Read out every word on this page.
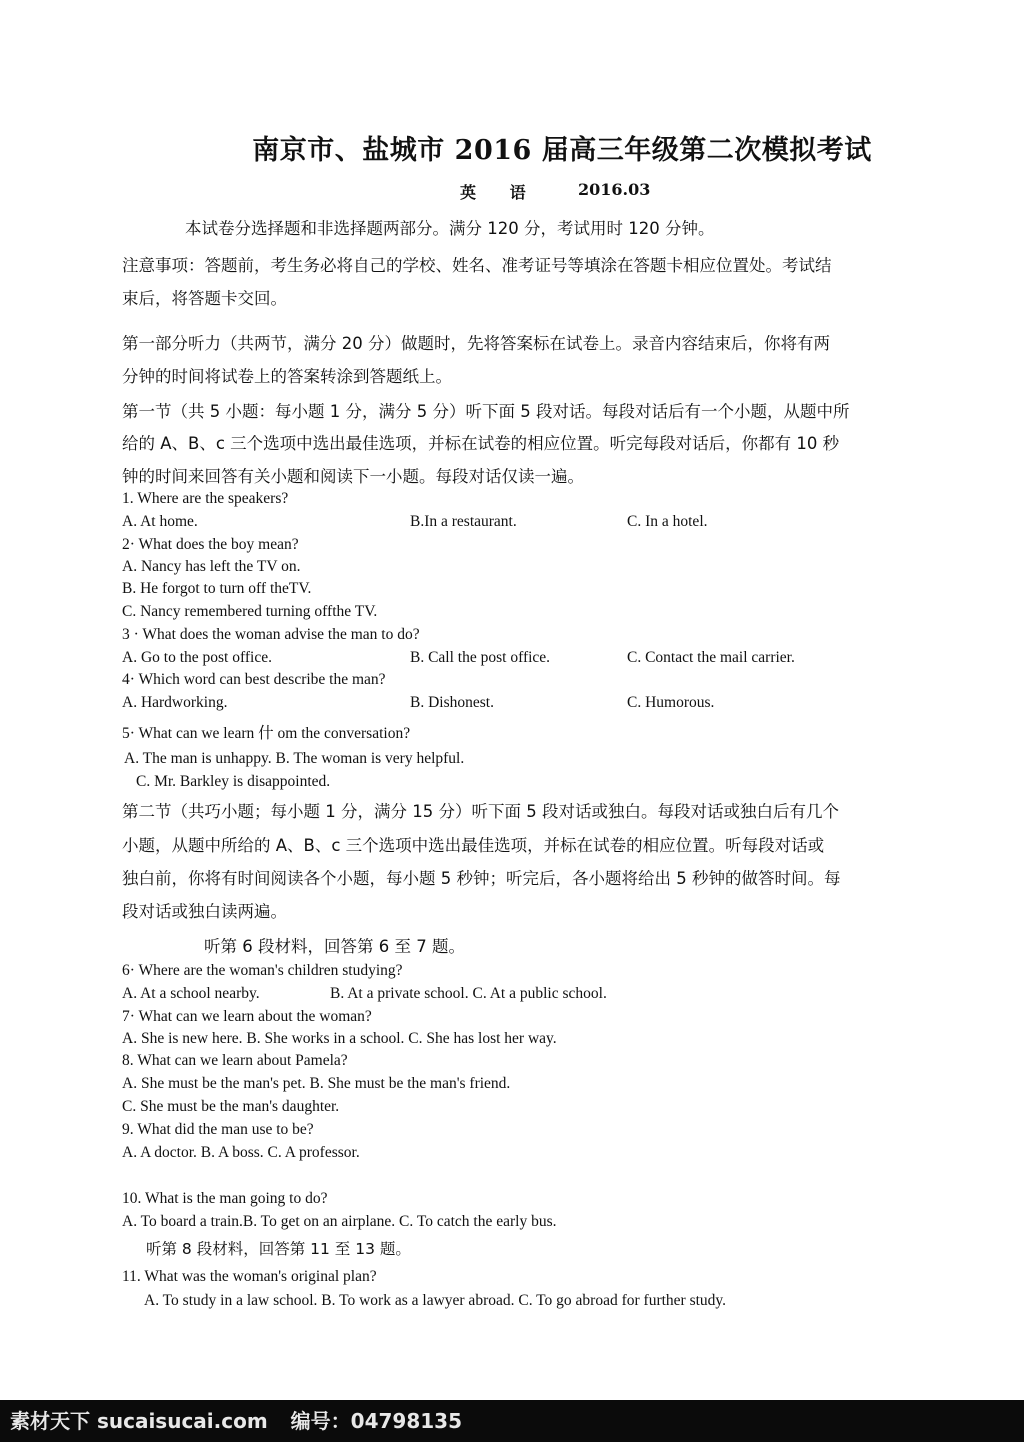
南京市、盐城市 2016 届高三年级第二次模拟考试
英 语 2016.03
本试卷分选择题和非选择题两部分。满分 120 分，考试用时 120 分钟。
注意事项：答题前，考生务必将自己的学校、姓名、准考证号等填涂在答题卡相应位置处。考试结
束后，将答题卡交回。
第一部分听力（共两节，满分 20 分）做题时，先将答案标在试卷上。录音内容结束后，你将有两
分钟的时间将试卷上的答案转涂到答题纸上。
第一节（共 5 小题：每小题 1 分，满分 5 分）听下面 5 段对话。每段对话后有一个小题，从题中所
给的 A、B、c 三个选项中选出最佳选项，并标在试卷的相应位置。听完每段对话后，你都有 10 秒
钟的时间来回答有关小题和阅读下一小题。每段对话仅读一遍。
1. Where are the speakers?
A. At home.	B.In a restaurant.	C. In a hotel.
2· What does the boy mean?
A. Nancy has left the TV on.
B. He forgot to turn off theTV.
C. Nancy remembered turning offthe TV.
3 · What does the woman advise the man to do?
A. Go to the post office.	B. Call the post office.	C. Contact the mail carrier.
4· Which word can best describe the man?
A. Hardworking.	B. Dishonest.	C. Humorous.
5· What can we learn 什 om the conversation?
A. The man is unhappy. B. The woman is very helpful.
C. Mr. Barkley is disappointed.
第二节（共巧小题；每小题 1 分，满分 15 分）听下面 5 段对话或独白。每段对话或独白后有几个
小题，从题中所给的 A、B、c 三个选项中选出最佳选项，并标在试卷的相应位置。听每段对话或
独白前，你将有时间阅读各个小题，每小题 5 秒钟；听完后，各小题将给出 5 秒钟的做答时间。每
段对话或独白读两遍。
听第 6 段材料，回答第 6 至 7 题。
6· Where are the woman's children studying?
A. At a school nearby.	B. At a private school. C. At a public school.
7· What can we learn about the woman?
A. She is new here. B. She works in a school. C. She has lost her way.
8. What can we learn about Pamela?
A. She must be the man's pet. B. She must be the man's friend.
C. She must be the man's daughter.
9. What did the man use to be?
A. A doctor. B. A boss. C. A professor.
10. What is the man going to do?
A. To board a train.B. To get on an airplane. C. To catch the early bus.
听第 8 段材料，回答第 11 至 13 题。
11. What was the woman's original plan?
A. To study in a law school. B. To work as a lawyer abroad. C. To go abroad for further study.
素材天下 sucaisucai.com 编号：04798135
